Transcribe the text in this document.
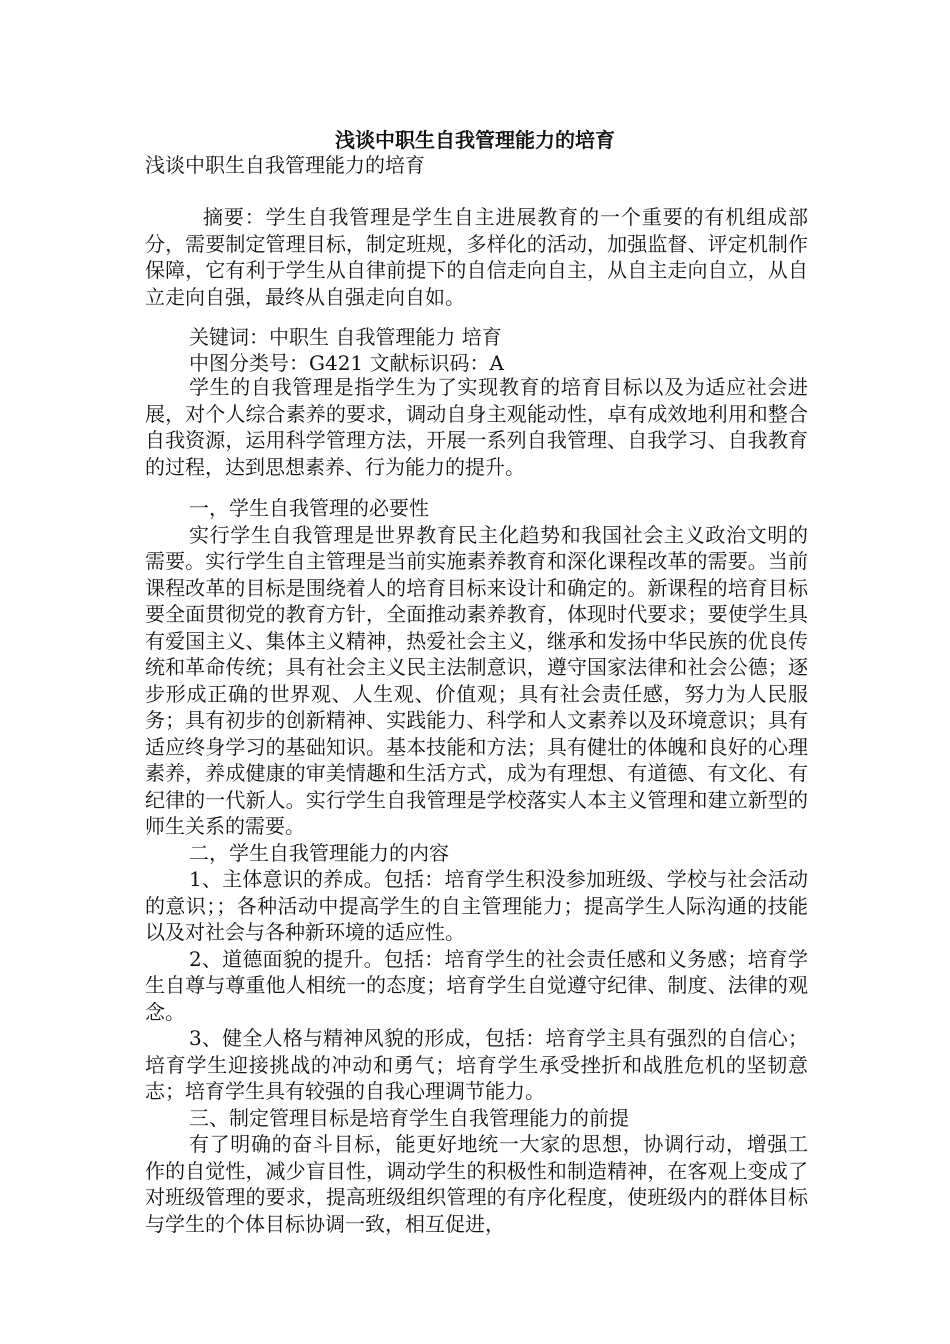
浅谈中职生自我管理能力的培育
浅谈中职生自我管理能力的培育

摘要：学生自我管理是学生自主进展教育的一个重要的有机组成部分，需要制定管理目标，制定班规，多样化的活动，加强监督、评定机制作保障，它有利于学生从自律前提下的自信走向自主，从自主走向自立，从自立走向自强，最终从自强走向自如。

关键词：中职生 自我管理能力 培育

中图分类号：G421 文献标识码：A

学生的自我管理是指学生为了实现教育的培育目标以及为适应社会进展，对个人综合素养的要求，调动自身主观能动性，卓有成效地利用和整合自我资源，运用科学管理方法，开展一系列自我管理、自我学习、自我教育的过程，达到思想素养、行为能力的提升。

一，学生自我管理的必要性

实行学生自我管理是世界教育民主化趋势和我国社会主义政治文明的需要。实行学生自主管理是当前实施素养教育和深化课程改革的需要。当前课程改革的目标是围绕着人的培育目标来设计和确定的。新课程的培育目标要全面贯彻党的教育方针，全面推动素养教育，体现时代要求；要使学生具有爱国主义、集体主义精神，热爱社会主义，继承和发扬中华民族的优良传统和革命传统；具有社会主义民主法制意识，遵守国家法律和社会公德；逐步形成正确的世界观、人生观、价值观；具有社会责任感，努力为人民服务；具有初步的创新精神、实践能力、科学和人文素养以及环境意识；具有适应终身学习的基础知识。基本技能和方法；具有健壮的体魄和良好的心理素养，养成健康的审美情趣和生活方式，成为有理想、有道德、有文化、有纪律的一代新人。实行学生自我管理是学校落实人本主义管理和建立新型的师生关系的需要。

二，学生自我管理能力的内容

1、主体意识的养成。包括：培育学生积没参加班级、学校与社会活动的意识；；各种活动中提高学生的自主管理能力；提高学生人际沟通的技能以及对社会与各种新环境的适应性。

2、道德面貌的提升。包括：培育学生的社会责任感和义务感；培育学生自尊与尊重他人相统一的态度；培育学生自觉遵守纪律、制度、法律的观念。

3、健全人格与精神风貌的形成，包括：培育学主具有强烈的自信心；培育学生迎接挑战的冲动和勇气；培育学生承受挫折和战胜危机的坚韧意志；培育学生具有较强的自我心理调节能力。

三、制定管理目标是培育学生自我管理能力的前提

有了明确的奋斗目标，能更好地统一大家的思想，协调行动，增强工作的自觉性，减少盲目性，调动学生的积极性和制造精神，在客观上变成了对班级管理的要求，提高班级组织管理的有序化程度，使班级内的群体目标与学生的个体目标协调一致，相互促进，
